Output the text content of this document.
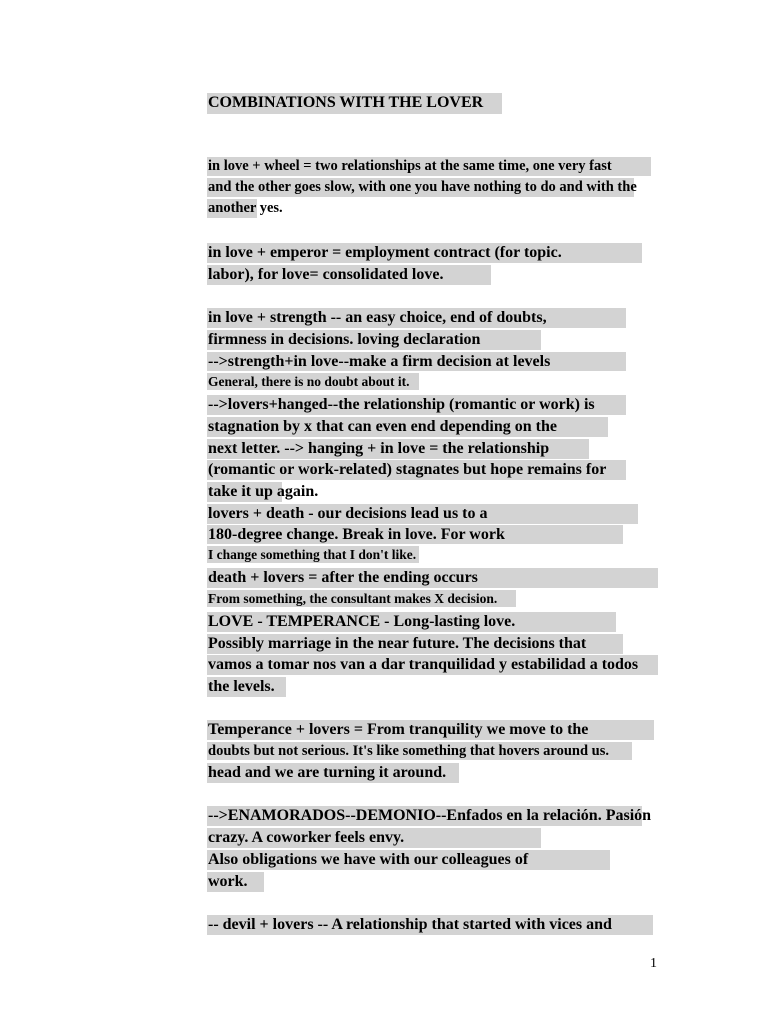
COMBINATIONS WITH THE LOVER
in love + wheel = two relationships at the same time, one very fast
and the other goes slow, with one you have nothing to do and with the
another yes.
in love + emperor = employment contract (for topic.
labor), for love= consolidated love.
in love + strength -- an easy choice, end of doubts,
firmness in decisions. loving declaration
-->strength+in love--make a firm decision at levels
General, there is no doubt about it.
-->lovers+hanged--the relationship (romantic or work) is
stagnation by x that can even end depending on the
next letter. --> hanging + in love = the relationship
(romantic or work-related) stagnates but hope remains for
take it up again.
lovers + death - our decisions lead us to a
180-degree change. Break in love. For work
I change something that I don't like.
death + lovers = after the ending occurs
From something, the consultant makes X decision.
LOVE - TEMPERANCE - Long-lasting love.
Possibly marriage in the near future. The decisions that
vamos a tomar nos van a dar tranquilidad y estabilidad a todos
the levels.
Temperance + lovers = From tranquility we move to the
doubts but not serious. It's like something that hovers around us.
head and we are turning it around.
-->ENAMORADOS--DEMONIO--Enfados en la relación. Pasión
crazy. A coworker feels envy.
Also obligations we have with our colleagues of
work.
-- devil + lovers -- A relationship that started with vices and
1
